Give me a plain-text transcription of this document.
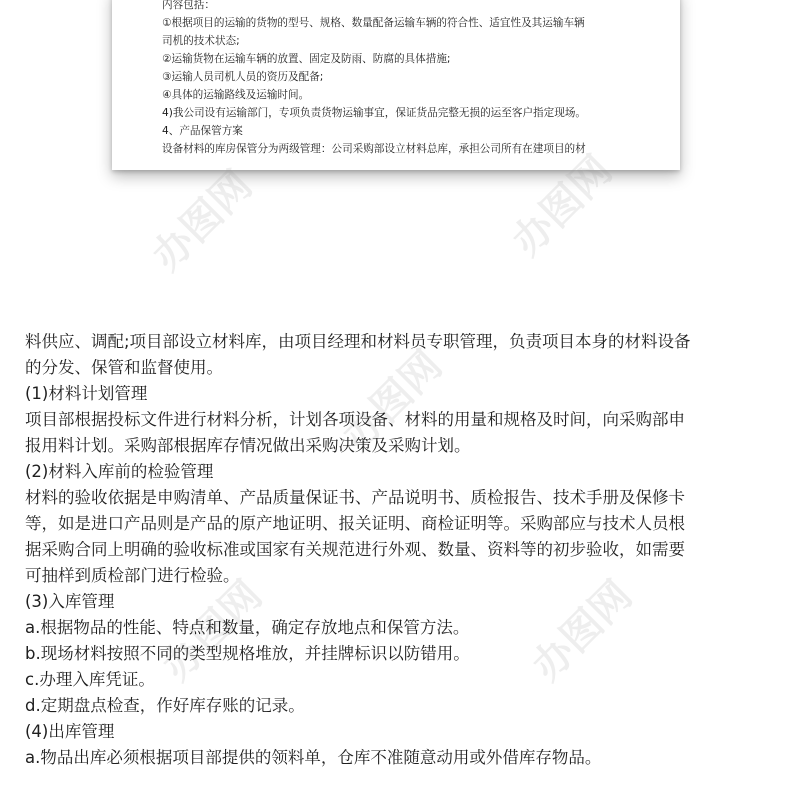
内容包括：
①根据项目的运输的货物的型号、规格、数量配备运输车辆的符合性、适宜性及其运输车辆
司机的技术状态;
②运输货物在运输车辆的放置、固定及防雨、防腐的具体措施;
③运输人员司机人员的资历及配备;
④具体的运输路线及运输时间。
4)我公司设有运输部门，专项负责货物运输事宜，保证货品完整无损的运至客户指定现场。
4、产品保管方案
设备材料的库房保管分为两级管理：公司采购部设立材料总库，承担公司所有在建项目的材
办图网	办图网
办图网
办图网	办图网
料供应、调配;项目部设立材料库，由项目经理和材料员专职管理，负责项目本身的材料设备
的分发、保管和监督使用。
(1)材料计划管理
项目部根据投标文件进行材料分析，计划各项设备、材料的用量和规格及时间，向采购部申
报用料计划。采购部根据库存情况做出采购决策及采购计划。
(2)材料入库前的检验管理
材料的验收依据是申购清单、产品质量保证书、产品说明书、质检报告、技术手册及保修卡
等，如是进口产品则是产品的原产地证明、报关证明、商检证明等。采购部应与技术人员根
据采购合同上明确的验收标准或国家有关规范进行外观、数量、资料等的初步验收，如需要
可抽样到质检部门进行检验。
(3)入库管理
a.根据物品的性能、特点和数量，确定存放地点和保管方法。
b.现场材料按照不同的类型规格堆放，并挂牌标识以防错用。
c.办理入库凭证。
d.定期盘点检查，作好库存账的记录。
(4)出库管理
a.物品出库必须根据项目部提供的领料单，仓库不准随意动用或外借库存物品。
